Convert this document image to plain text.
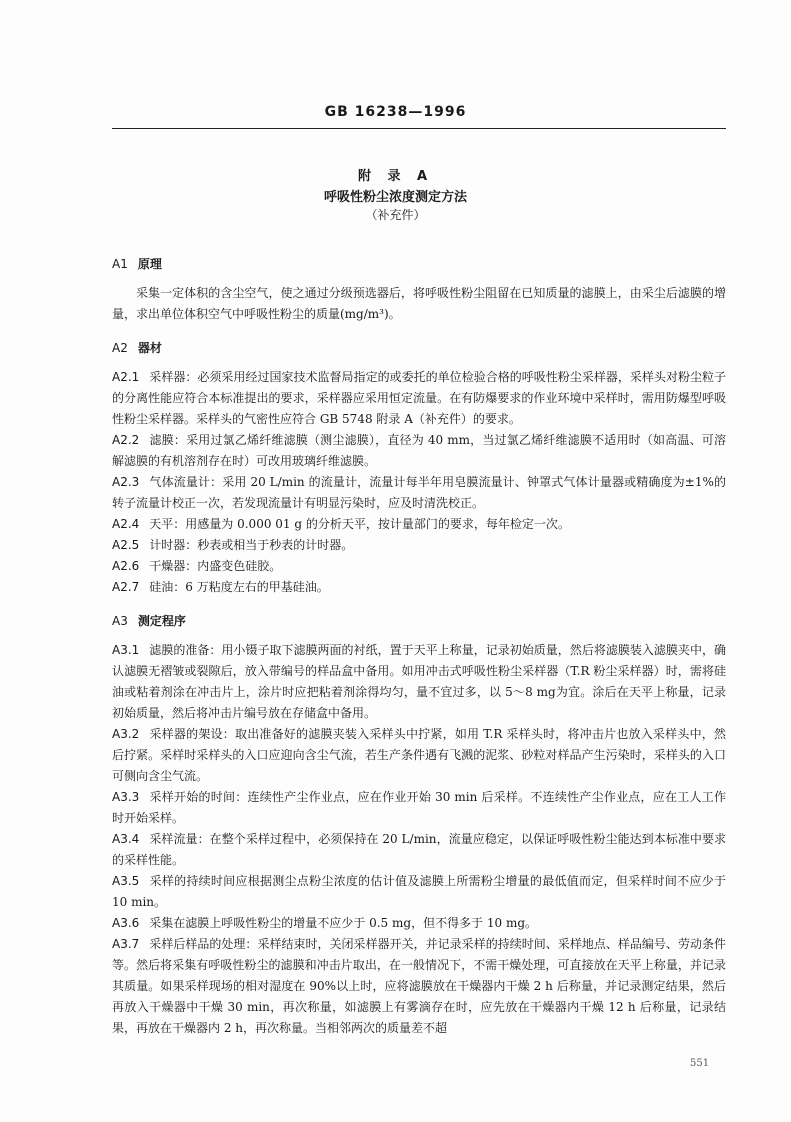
GB 16238—1996
附 录 A
呼吸性粉尘浓度测定方法
（补充件）
A1 原理

采集一定体积的含尘空气，使之通过分级预选器后，将呼吸性粉尘阻留在已知质量的滤膜上，由采尘后滤膜的增量，求出单位体积空气中呼吸性粉尘的质量(mg/m³)。

A2 器材

A2.1 采样器：必须采用经过国家技术监督局指定的或委托的单位检验合格的呼吸性粉尘采样器，采样头对粉尘粒子的分离性能应符合本标准提出的要求，采样器应采用恒定流量。在有防爆要求的作业环境中采样时，需用防爆型呼吸性粉尘采样器。采样头的气密性应符合 GB 5748 附录 A（补充件）的要求。

A2.2 滤膜：采用过氯乙烯纤维滤膜（测尘滤膜），直径为 40 mm，当过氯乙烯纤维滤膜不适用时（如高温、可溶解滤膜的有机溶剂存在时）可改用玻璃纤维滤膜。

A2.3 气体流量计：采用 20 L/min 的流量计，流量计每半年用皂膜流量计、钟罩式气体计量器或精确度为±1%的转子流量计校正一次，若发现流量计有明显污染时，应及时清洗校正。

A2.4 天平：用感量为 0.000 01 g 的分析天平，按计量部门的要求，每年检定一次。

A2.5 计时器：秒表或相当于秒表的计时器。

A2.6 干燥器：内盛变色硅胶。

A2.7 硅油：6 万粘度左右的甲基硅油。

A3 测定程序

A3.1 滤膜的准备：用小镊子取下滤膜两面的衬纸，置于天平上称量，记录初始质量，然后将滤膜装入滤膜夹中，确认滤膜无褶皱或裂隙后，放入带编号的样品盒中备用。如用冲击式呼吸性粉尘采样器（T.R 粉尘采样器）时，需将硅油或粘着剂涂在冲击片上，涂片时应把粘着剂涂得均匀，量不宜过多，以 5～8 mg为宜。涂后在天平上称量，记录初始质量，然后将冲击片编号放在存储盒中备用。

A3.2 采样器的架设：取出准备好的滤膜夹装入采样头中拧紧，如用 T.R 采样头时，将冲击片也放入采样头中，然后拧紧。采样时采样头的入口应迎向含尘气流，若生产条件遇有飞溅的泥浆、砂粒对样品产生污染时，采样头的入口可侧向含尘气流。

A3.3 采样开始的时间：连续性产尘作业点，应在作业开始 30 min 后采样。不连续性产尘作业点，应在工人工作时开始采样。

A3.4 采样流量：在整个采样过程中，必须保持在 20 L/min，流量应稳定，以保证呼吸性粉尘能达到本标准中要求的采样性能。

A3.5 采样的持续时间应根据测尘点粉尘浓度的估计值及滤膜上所需粉尘增量的最低值而定，但采样时间不应少于 10 min。

A3.6 采集在滤膜上呼吸性粉尘的增量不应少于 0.5 mg，但不得多于 10 mg。

A3.7 采样后样品的处理：采样结束时，关闭采样器开关，并记录采样的持续时间、采样地点、样品编号、劳动条件等。然后将采集有呼吸性粉尘的滤膜和冲击片取出，在一般情况下，不需干燥处理，可直接放在天平上称量，并记录其质量。如果采样现场的相对湿度在 90%以上时，应将滤膜放在干燥器内干燥 2 h 后称量，并记录测定结果，然后再放入干燥器中干燥 30 min，再次称量，如滤膜上有雾滴存在时，应先放在干燥器内干燥 12 h 后称量，记录结果，再放在干燥器内 2 h，再次称量。当相邻两次的质量差不超

551
